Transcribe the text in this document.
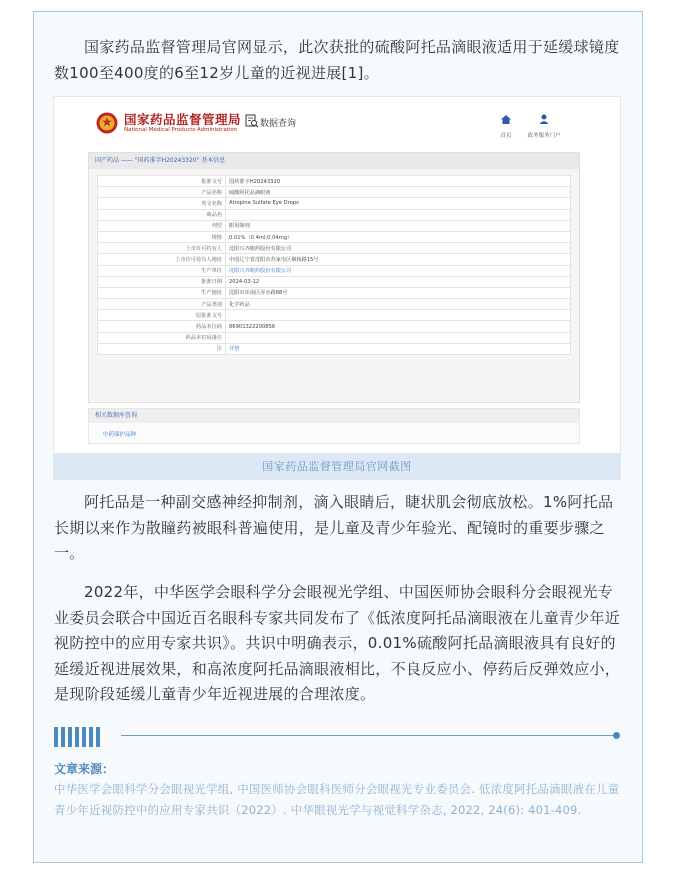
国家药品监督管理局官网显示，此次获批的硫酸阿托品滴眼液适用于延缓球镜度数100至400度的6至12岁儿童的近视进展[1]。

国家药品监督管理局
National Medical Products Administration
数据查询
首页	政务服务门户
国产药品 —— "国药准字H20243320" 基本信息
批准文号	国药准字H20243320
产品名称	硫酸阿托品滴眼液
英文名称	Atropine Sulfate Eye Drops
商品名	
剂型	眼用制剂
规格	0.01%（0.4ml:0.04mg）
上市许可持有人	沈阳兴齐眼药股份有限公司
上市许可持有人地址	中国辽宁省沈阳市苏家屯区枫杨路15号
生产单位	沈阳兴齐眼药股份有限公司
批准日期	2024-03-12
生产地址	沈阳市浑南区浑水路88号
产品类别	化学药品
原批准文号	
药品本位码	86901322200856
药品本位码备注	
注	详情
相关数据库查询
中药保护品种
国家药品监督管理局官网截图

阿托品是一种副交感神经抑制剂，滴入眼睛后，睫状肌会彻底放松。1%阿托品长期以来作为散瞳药被眼科普遍使用，是儿童及青少年验光、配镜时的重要步骤之一。

2022年，中华医学会眼科学分会眼视光学组、中国医师协会眼科分会眼视光专业委员会联合中国近百名眼科专家共同发布了《低浓度阿托品滴眼液在儿童青少年近视防控中的应用专家共识》。共识中明确表示，0.01%硫酸阿托品滴眼液具有良好的延缓近视进展效果，和高浓度阿托品滴眼液相比，不良反应小、停药后反弹效应小，是现阶段延缓儿童青少年近视进展的合理浓度。

文章来源：
中华医学会眼科学分会眼视光学组, 中国医师协会眼科医师分会眼视光专业委员会. 低浓度阿托品滴眼液在儿童青少年近视防控中的应用专家共识（2022）. 中华眼视光学与视觉科学杂志, 2022, 24(6): 401-409.
